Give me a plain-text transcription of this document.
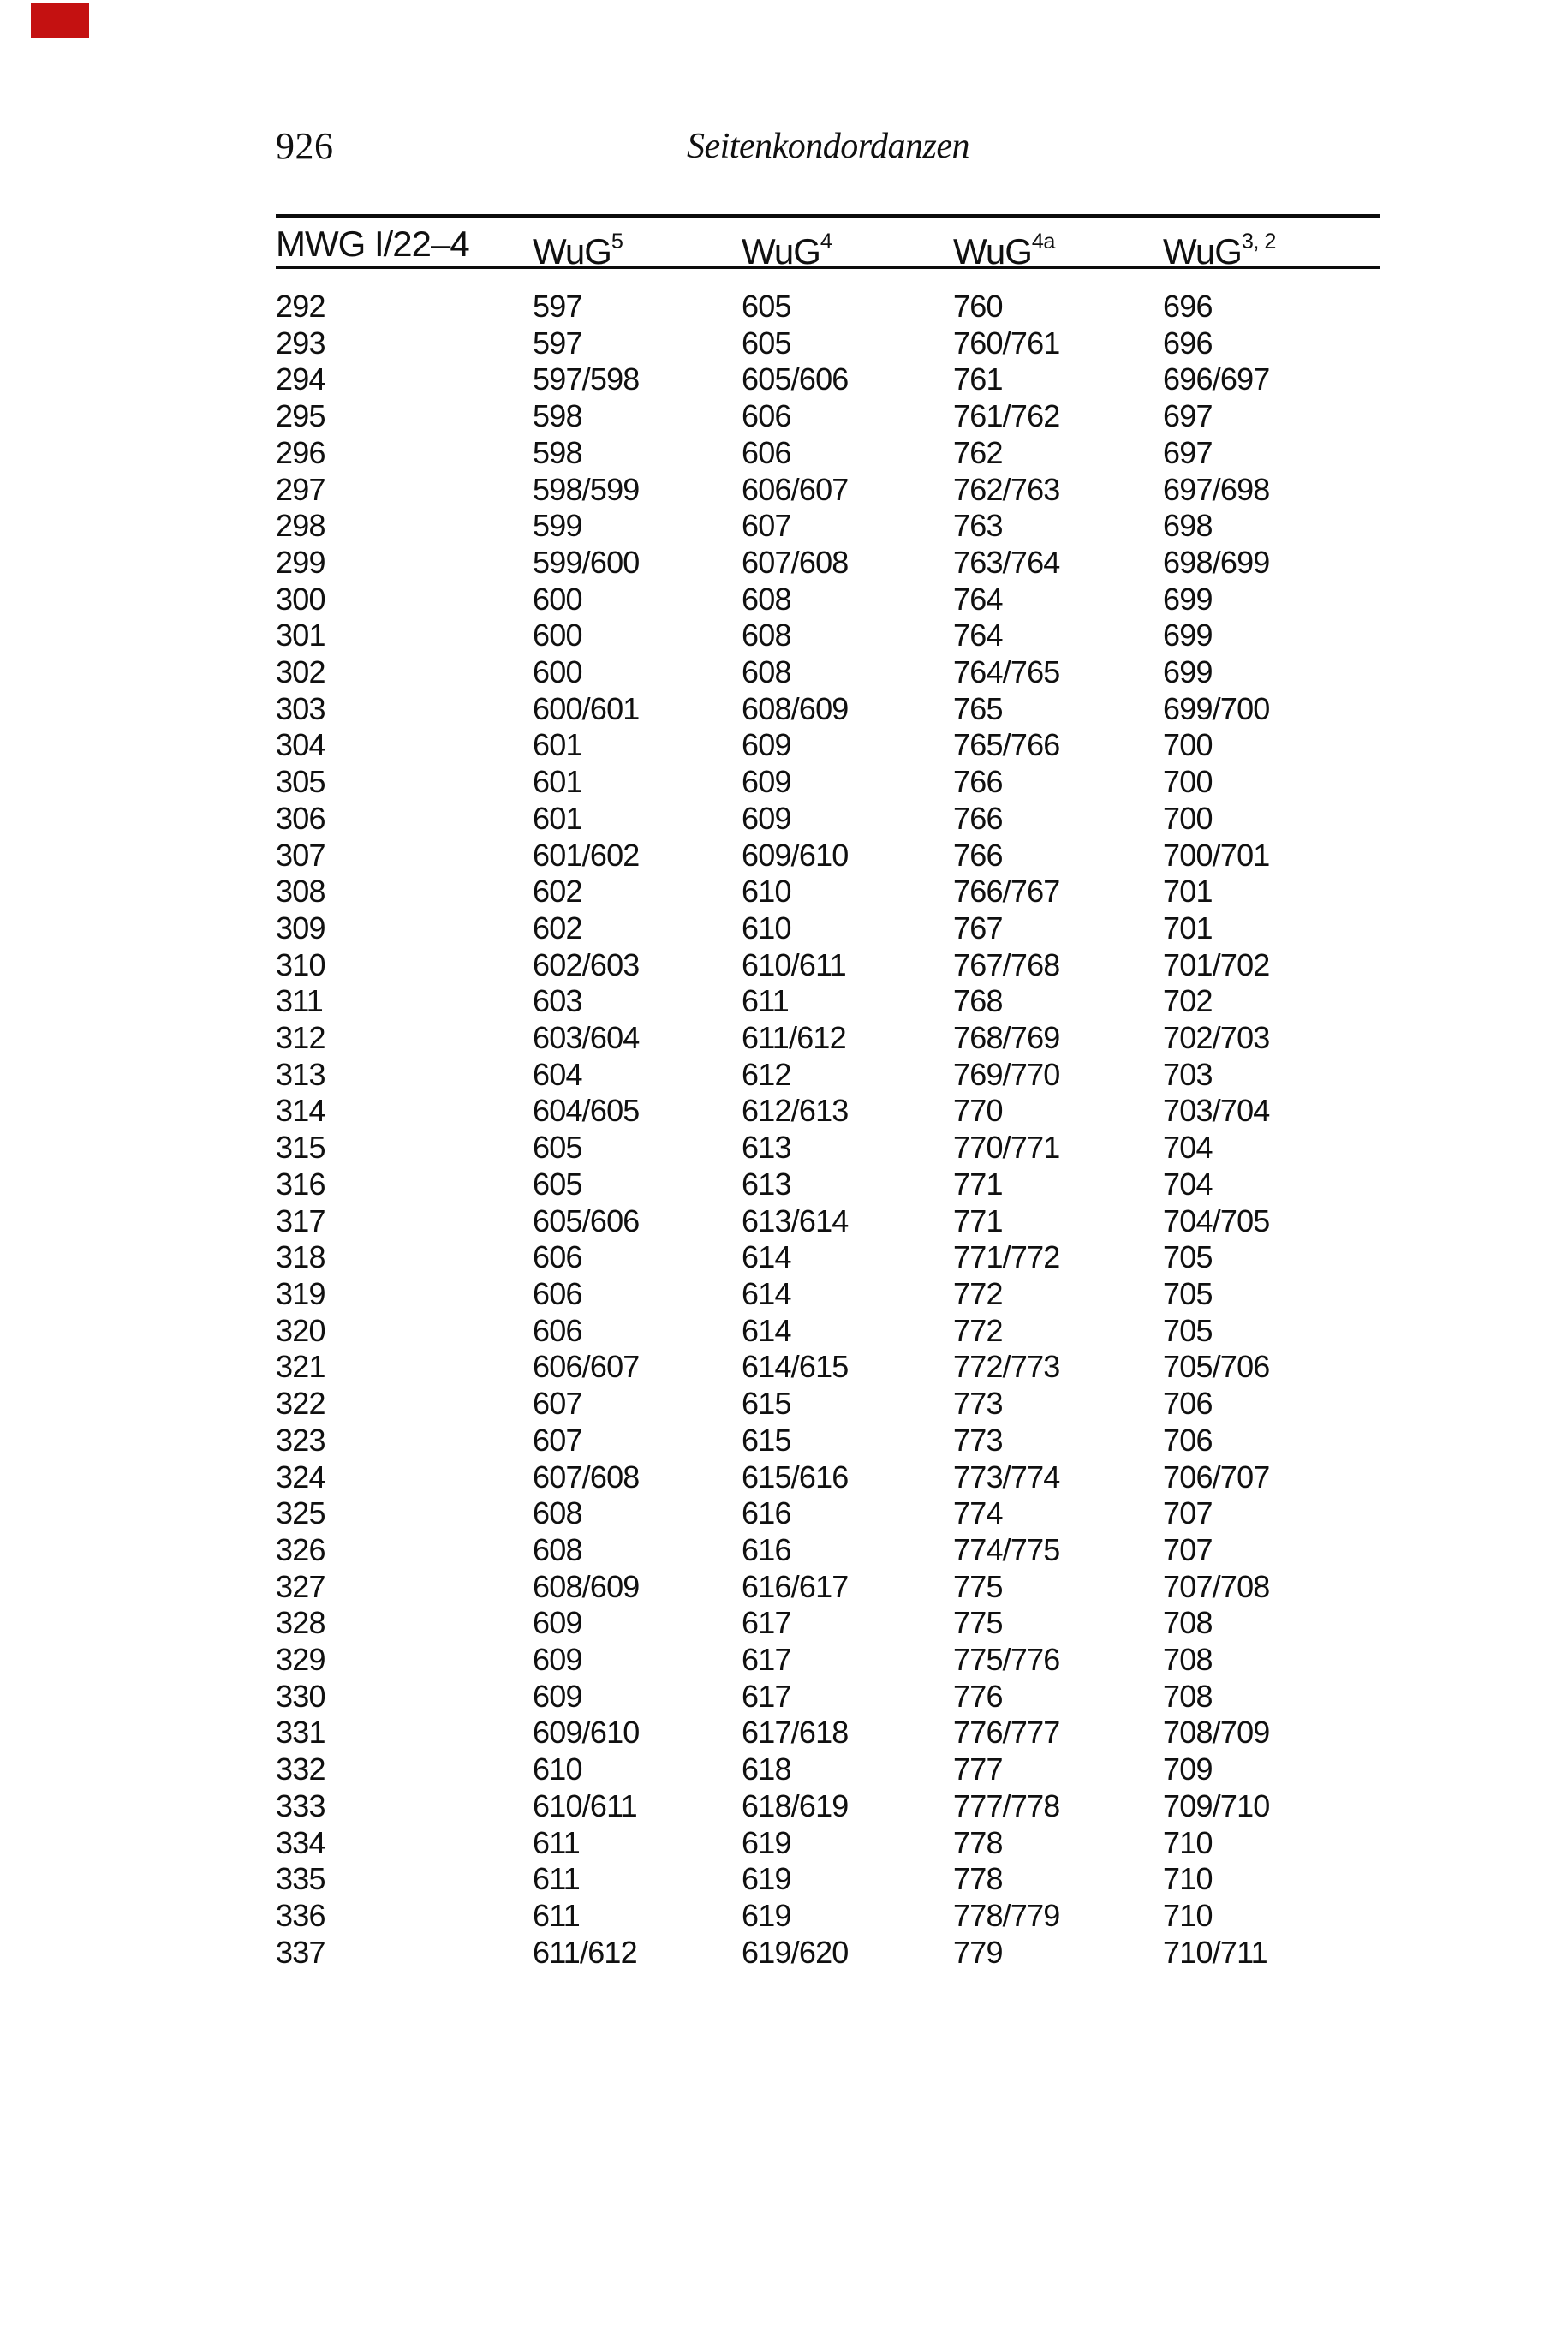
926	Seitenkondordanzen
MWG I/22–4	WuG$^5$	WuG$^4$	WuG$^{4a}$	WuG$^{3, 2}$
292	597	605	760	696
293	597	605	760/761	696
294	597/598	605/606	761	696/697
295	598	606	761/762	697
296	598	606	762	697
297	598/599	606/607	762/763	697/698
298	599	607	763	698
299	599/600	607/608	763/764	698/699
300	600	608	764	699
301	600	608	764	699
302	600	608	764/765	699
303	600/601	608/609	765	699/700
304	601	609	765/766	700
305	601	609	766	700
306	601	609	766	700
307	601/602	609/610	766	700/701
308	602	610	766/767	701
309	602	610	767	701
310	602/603	610/611	767/768	701/702
311	603	611	768	702
312	603/604	611/612	768/769	702/703
313	604	612	769/770	703
314	604/605	612/613	770	703/704
315	605	613	770/771	704
316	605	613	771	704
317	605/606	613/614	771	704/705
318	606	614	771/772	705
319	606	614	772	705
320	606	614	772	705
321	606/607	614/615	772/773	705/706
322	607	615	773	706
323	607	615	773	706
324	607/608	615/616	773/774	706/707
325	608	616	774	707
326	608	616	774/775	707
327	608/609	616/617	775	707/708
328	609	617	775	708
329	609	617	775/776	708
330	609	617	776	708
331	609/610	617/618	776/777	708/709
332	610	618	777	709
333	610/611	618/619	777/778	709/710
334	611	619	778	710
335	611	619	778	710
336	611	619	778/779	710
337	611/612	619/620	779	710/711
